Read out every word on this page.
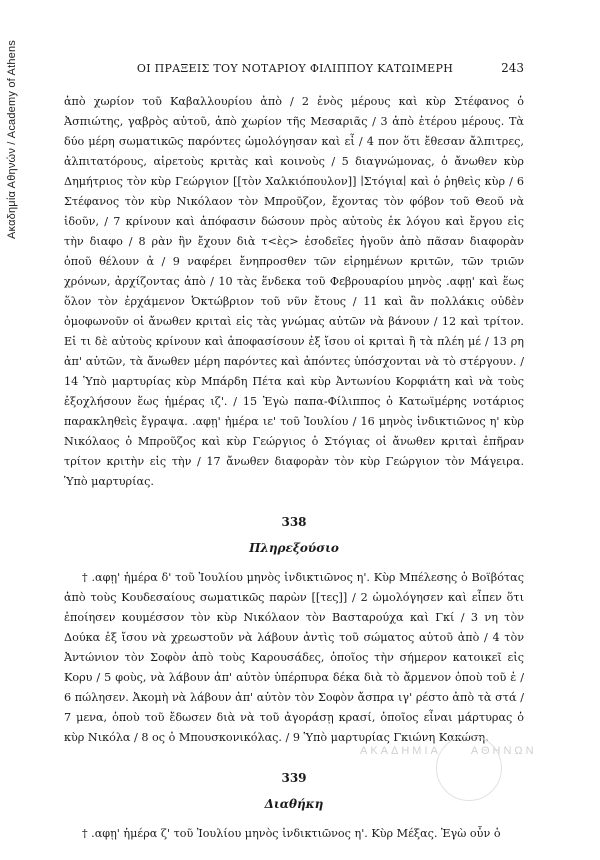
Ακαδημία Αθηνών / Academy of Athens	ΟΙ ΠΡΑΞΕΙΣ ΤΟΥ ΝΟΤΑΡΙΟΥ ΦΙΛΙΠΠΟΥ ΚΑΤΩΙΜΕΡΗ	243

ἀπὸ χωρίον τοῦ Καβαλλουρίου ἀπὸ / 2 ἑνὸς μέρους καὶ κὺρ Στέφανος ὁ Ἀσπιώτης, γαβρὸς αὐτοῦ, ἀπὸ χωρίον τῆς Μεσαριᾶς / 3 ἀπὸ ἑτέρου μέρους. Τὰ δύο μέρη σωματικῶς παρόντες ὡμολόγησαν καὶ εἶ / 4 πον ὅτι ἔθεσαν ἄλπιτρες, ἀλπιτατόρους, αἱρετοὺς κριτὰς καὶ κοινοὺς / 5 διαγνώμονας, ὁ ἄνωθεν κὺρ Δημήτριος τὸν κὺρ Γεώργιον [[τὸν Χαλκιόπουλον]] ∣Στόγια∣ καὶ ὁ ῥηθεὶς κὺρ / 6 Στέφανος τὸν κὺρ Νικόλαον τὸν Μπροῦζον, ἔχοντας τὸν φόβον τοῦ Θεοῦ νὰ ἰδοῦν, / 7 κρίνουν καὶ ἀπόφασιν δώσουν πρὸς αὐτοὺς ἐκ λόγου καὶ ἔργου εἰς τὴν διαφο / 8 ρὰν ἣν ἔχουν διὰ τ<ὲς> ἐσοδεῖες ἠγοῦν ἀπὸ πᾶσαν διαφορὰν ὁποῦ θέλουν ἀ / 9 ναφέρει ἔνηπροσθεν τῶν εἰρημένων κριτῶν, τῶν τριῶν χρόνων, ἀρχίζοντας ἀπὸ / 10 τὰς ἕνδεκα τοῦ Φεβρουαρίου μηνὸς .αφῃ' καὶ ἕως ὅλον τὸν ἐρχάμενον Ὀκτώβριον τοῦ νῦν ἔτους / 11 καὶ ἂν πολλάκις οὐδὲν ὁμοφωνοῦν οἱ ἄνωθεν κριταὶ εἰς τὰς γνώμας αὐτῶν νὰ βάνουν / 12 καὶ τρίτον. Εἰ τι δὲ αὐτοὺς κρίνουν καὶ ἀποφασίσουν ἐξ ἴσου οἱ κριταὶ ἢ τὰ πλέη μέ / 13 ρη ἀπ' αὐτῶν, τὰ ἄνωθεν μέρη παρόντες καὶ ἀπόντες ὑπόσχονται νὰ τὸ στέργουν. / 14 Ὑπὸ μαρτυρίας κὺρ Μπάρδη Πέτα καὶ κὺρ Ἀντωνίου Κορφιάτη καὶ νὰ τοὺς ἐξοχλήσουν ἕως ἡμέρας ιζ'. / 15 Ἐγὼ παπα-Φίλιππος ὁ Κατωϊμέρης νοτάριος παρακληθεὶς ἔγραψα. .αφῃ' ἡμέρα ιε' τοῦ Ἰουλίου / 16 μηνὸς ἰνδικτιῶνος η' κὺρ Νικόλαος ὁ Μπροῦζος καὶ κὺρ Γεώργιος ὁ Στόγιας οἱ ἄνωθεν κριταὶ ἐπῆραν τρίτον κριτὴν εἰς τὴν / 17 ἄνωθεν διαφορὰν τὸν κὺρ Γεώργιον τὸν Μάγειρα. Ὑπὸ μαρτυρίας.

338
Πληρεξούσιο

† .αφῃ' ἡμέρα δ' τοῦ Ἰουλίου μηνὸς ἰνδικτιῶνος η'. Κὺρ Μπέλεσης ὁ Βοϊβότας ἀπὸ τοὺς Κουδεσαίους σωματικῶς παρὼν [[τες]] / 2 ὡμολόγησεν καὶ εἶπεν ὅτι ἐποίησεν κουμέσσον τὸν κὺρ Νικόλαον τὸν Βασταρούχα καὶ Γκί / 3 νη τὸν Δούκα ἐξ ἴσου νὰ χρεωστοῦν νὰ λάβουν ἀντὶς τοῦ σώματος αὐτοῦ ἀπὸ / 4 τὸν Ἀντώνιον τὸν Σοφὸν ἀπὸ τοὺς Καρουσάδες, ὁποῖος τὴν σήμερον κατοικεῖ εἰς Κορυ / 5 φοὺς, νὰ λάβουν ἀπ' αὐτὸν ὑπέρπυρα δέκα διὰ τὸ ἄρμενον ὁποὺ τοῦ ἐ / 6 πώλησεν. Ἀκομὴ νὰ λάβουν ἀπ' αὐτὸν τὸν Σοφὸν ἄσπρα ιγ' ρέστο ἀπὸ τὰ στά / 7 μενα, ὁποὺ τοῦ ἔδωσεν διὰ νὰ τοῦ ἀγοράσῃ κρασί, ὁποῖος εἶναι μάρτυρας ὁ κὺρ Νικόλα / 8 ος ὁ Μπουσκονικόλας. / 9 Ὑπὸ μαρτυρίας Γκιώνη Κακώση.

339
Διαθήκη

† .αφῃ' ἡμέρα ζ' τοῦ Ἰουλίου μηνὸς ἰνδικτιῶνος η'. Κὺρ Μέξας. Ἐγὼ οὖν ὁ

ΑΚΑΔΗΜΙΑ	ΑΘΗΝΩΝ
